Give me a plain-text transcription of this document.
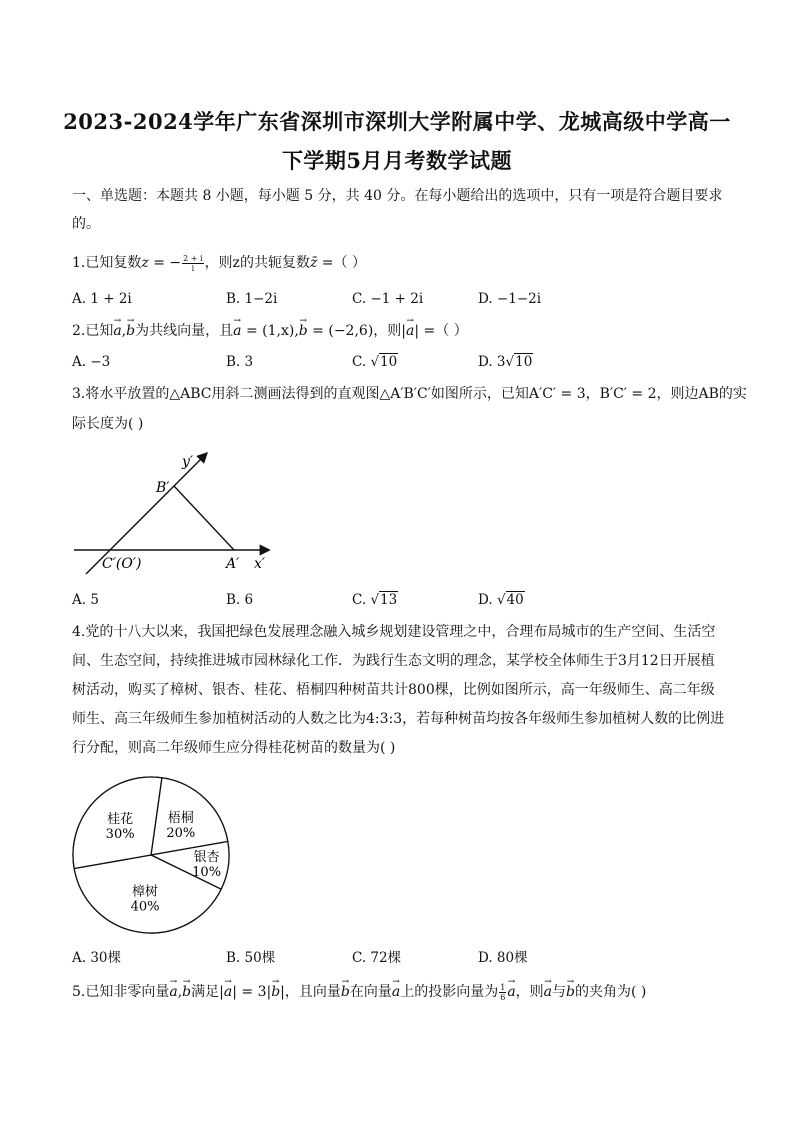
2023-2024学年广东省深圳市深圳大学附属中学、龙城高级中学高一
下学期5月月考数学试题
一、单选题：本题共 8 小题，每小题 5 分，共 40 分。在每小题给出的选项中，只有一项是符合题目要求
的。
1.已知复数z = − $\frac{2 + i}{i}$ ，则z的共轭复数z̄ =（ ）
A. 1 + 2i	B. 1−2i	C. −1 + 2i	D. −1−2i
2.已知→ a,→ b为共线向量，且→ a = (1,x),→ b = (−2,6)，则|→ a| =（ ）
A. −3	B. 3	C. √10	D. 3√10
3.将水平放置的△ABC用斜二测画法得到的直观图△A′B′C′如图所示，已知A′C′ = 3，B′C′ = 2，则边AB的实
际长度为( )
y′
x′
B′
C′(O′)	A′
A. 5	B. 6	C. √13	D. √40
4.党的十八大以来，我国把绿色发展理念融入城乡规划建设管理之中，合理布局城市的生产空间、生活空
间、生态空间，持续推进城市园林绿化工作．为践行生态文明的理念，某学校全体师生于3月12日开展植
树活动，购买了樟树、银杏、桂花、梧桐四种树苗共计800棵，比例如图所示，高一年级师生、高二年级
师生、高三年级师生参加植树活动的人数之比为4:3:3，若每种树苗均按各年级师生参加植树人数的比例进
行分配，则高二年级师生应分得桂花树苗的数量为( )
梧桐
20%
银杏
10%
樟树
40%
桂花
30%
A. 30棵	B. 50棵	C. 72棵	D. 80棵
5.已知非零向量→ a,→ b满足|→ a| = 3|→ b|，且向量→ b在向量→ a上的投影向量为 $\frac{1}{6}$
→ a，则→ a与→ b的夹角为( )
